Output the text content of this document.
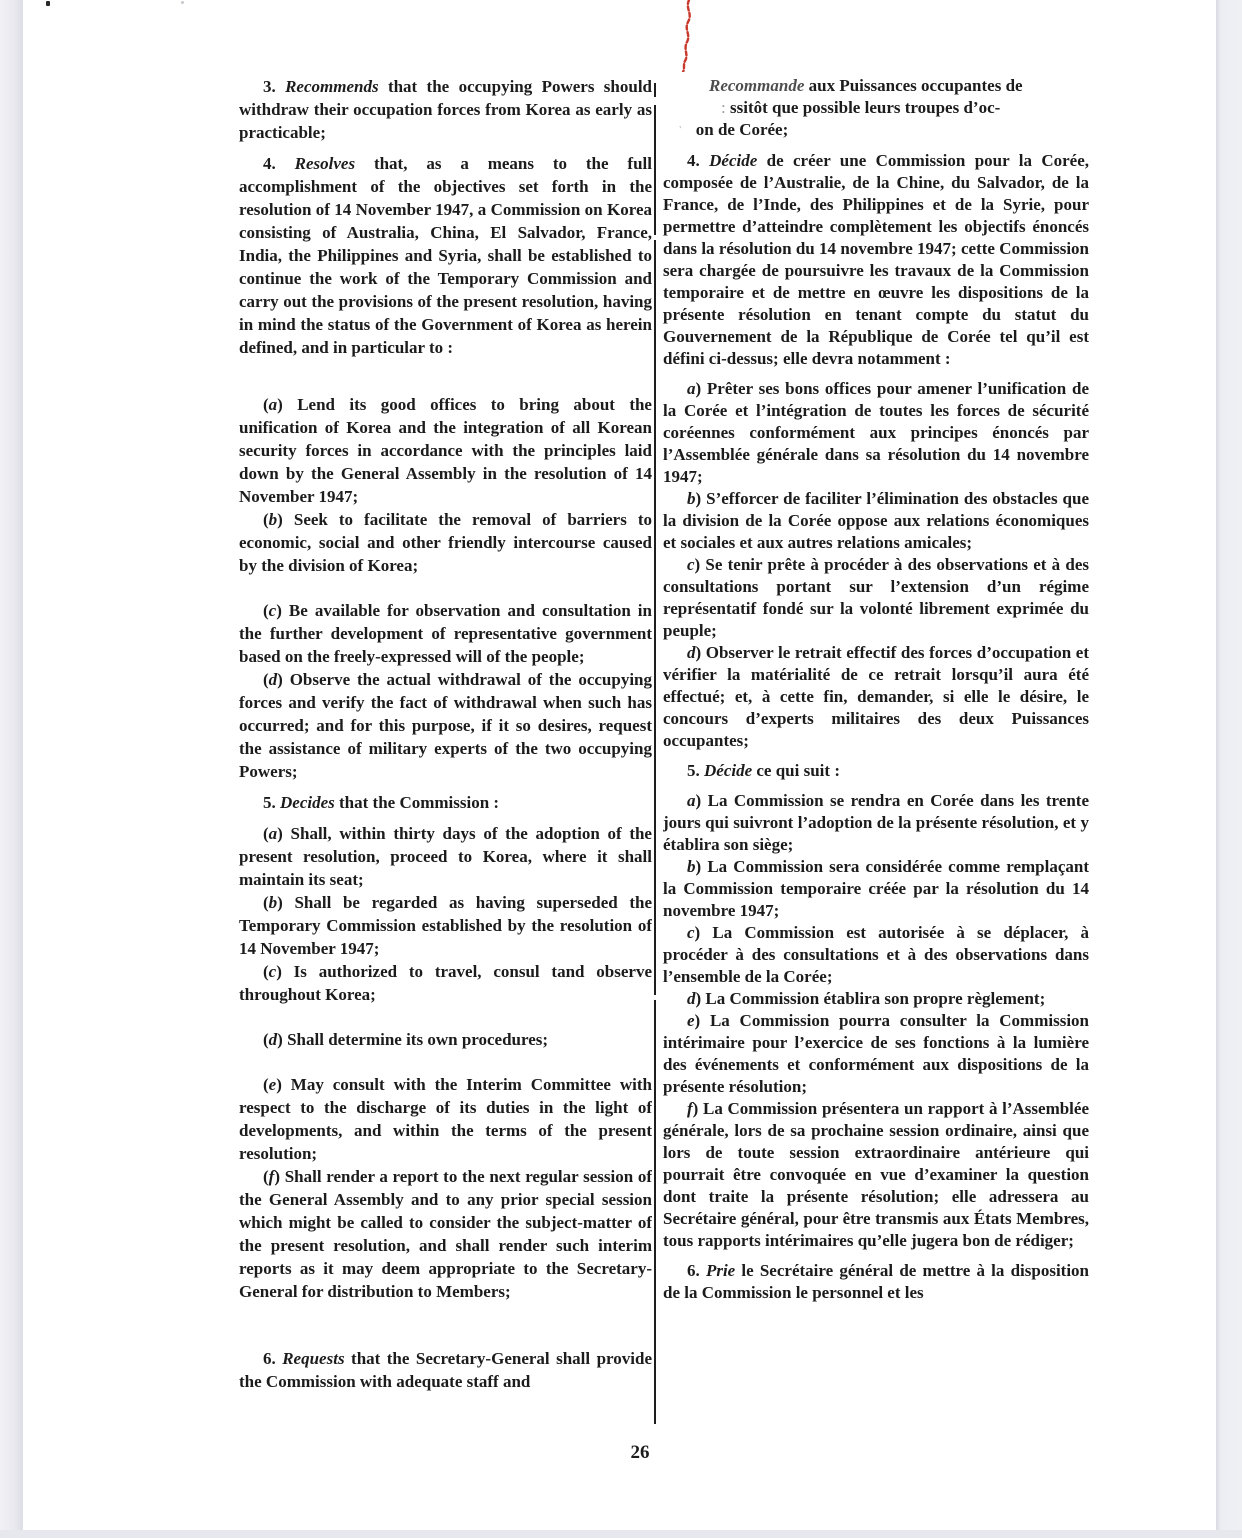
3. Recommends that the occupying Powers should withdraw their occupation forces from Korea as early as practicable;

4. Resolves that, as a means to the full accomplishment of the objectives set forth in the resolution of 14 November 1947, a Commission on Korea consisting of Australia, China, El Salvador, France, India, the Philippines and Syria, shall be established to continue the work of the Temporary Commission and carry out the provisions of the present resolution, having in mind the status of the Government of Korea as herein defined, and in particular to :

(a) Lend its good offices to bring about the unification of Korea and the integration of all Korean security forces in accordance with the principles laid down by the General Assembly in the resolution of 14 November 1947;

(b) Seek to facilitate the removal of barriers to economic, social and other friendly intercourse caused by the division of Korea;

(c) Be available for observation and consultation in the further development of representative government based on the freely-expressed will of the people;

(d) Observe the actual withdrawal of the occupying forces and verify the fact of withdrawal when such has occurred; and for this purpose, if it so desires, request the assistance of military experts of the two occupying Powers;

5. Decides that the Commission :

(a) Shall, within thirty days of the adoption of the present resolution, proceed to Korea, where it shall maintain its seat;

(b) Shall be regarded as having superseded the Temporary Commission established by the resolution of 14 November 1947;

(c) Is authorized to travel, consul tand observe throughout Korea;

(d) Shall determine its own procedures;

(e) May consult with the Interim Committee with respect to the discharge of its duties in the light of developments, and within the terms of the present resolution;

(f) Shall render a report to the next regular session of the General Assembly and to any prior special session which might be called to consider the subject-matter of the present resolution, and shall render such interim reports as it may deem appropriate to the Secretary-General for distribution to Members;

6. Requests that the Secretary-General shall provide the Commission with adequate staff and

Recommande aux Puissances occupantes de
: ssitôt que possible leurs troupes d’oc-
‵ on de Corée;

4. Décide de créer une Commission pour la Corée, composée de l’Australie, de la Chine, du Salvador, de la France, de l’Inde, des Philippines et de la Syrie, pour permettre d’atteindre complètement les objectifs énoncés dans la résolution du 14 novembre 1947; cette Commission sera chargée de poursuivre les travaux de la Commission temporaire et de mettre en œuvre les dispositions de la présente résolution en tenant compte du statut du Gouvernement de la République de Corée tel qu’il est défini ci-dessus; elle devra notamment :

a) Prêter ses bons offices pour amener l’unification de la Corée et l’intégration de toutes les forces de sécurité coréennes conformément aux principes énoncés par l’Assemblée générale dans sa résolution du 14 novembre 1947;

b) S’efforcer de faciliter l’élimination des obstacles que la division de la Corée oppose aux relations économiques et sociales et aux autres relations amicales;

c) Se tenir prête à procéder à des observations et à des consultations portant sur l’extension d’un régime représentatif fondé sur la volonté librement exprimée du peuple;

d) Observer le retrait effectif des forces d’occupation et vérifier la matérialité de ce retrait lorsqu’il aura été effectué; et, à cette fin, demander, si elle le désire, le concours d’experts militaires des deux Puissances occupantes;

5. Décide ce qui suit :

a) La Commission se rendra en Corée dans les trente jours qui suivront l’adoption de la présente résolution, et y établira son siège;

b) La Commission sera considérée comme remplaçant la Commission temporaire créée par la résolution du 14 novembre 1947;

c) La Commission est autorisée à se déplacer, à procéder à des consultations et à des observations dans l’ensemble de la Corée;

d) La Commission établira son propre règlement;

e) La Commission pourra consulter la Commission intérimaire pour l’exercice de ses fonctions à la lumière des événements et conformément aux dispositions de la présente résolution;

f) La Commission présentera un rapport à l’Assemblée générale, lors de sa prochaine session ordinaire, ainsi que lors de toute session extraordinaire antérieure qui pourrait être convoquée en vue d’examiner la question dont traite la présente résolution; elle adressera au Secrétaire général, pour être transmis aux États Membres, tous rapports intérimaires qu’elle jugera bon de rédiger;

6. Prie le Secrétaire général de mettre à la disposition de la Commission le personnel et les

26
